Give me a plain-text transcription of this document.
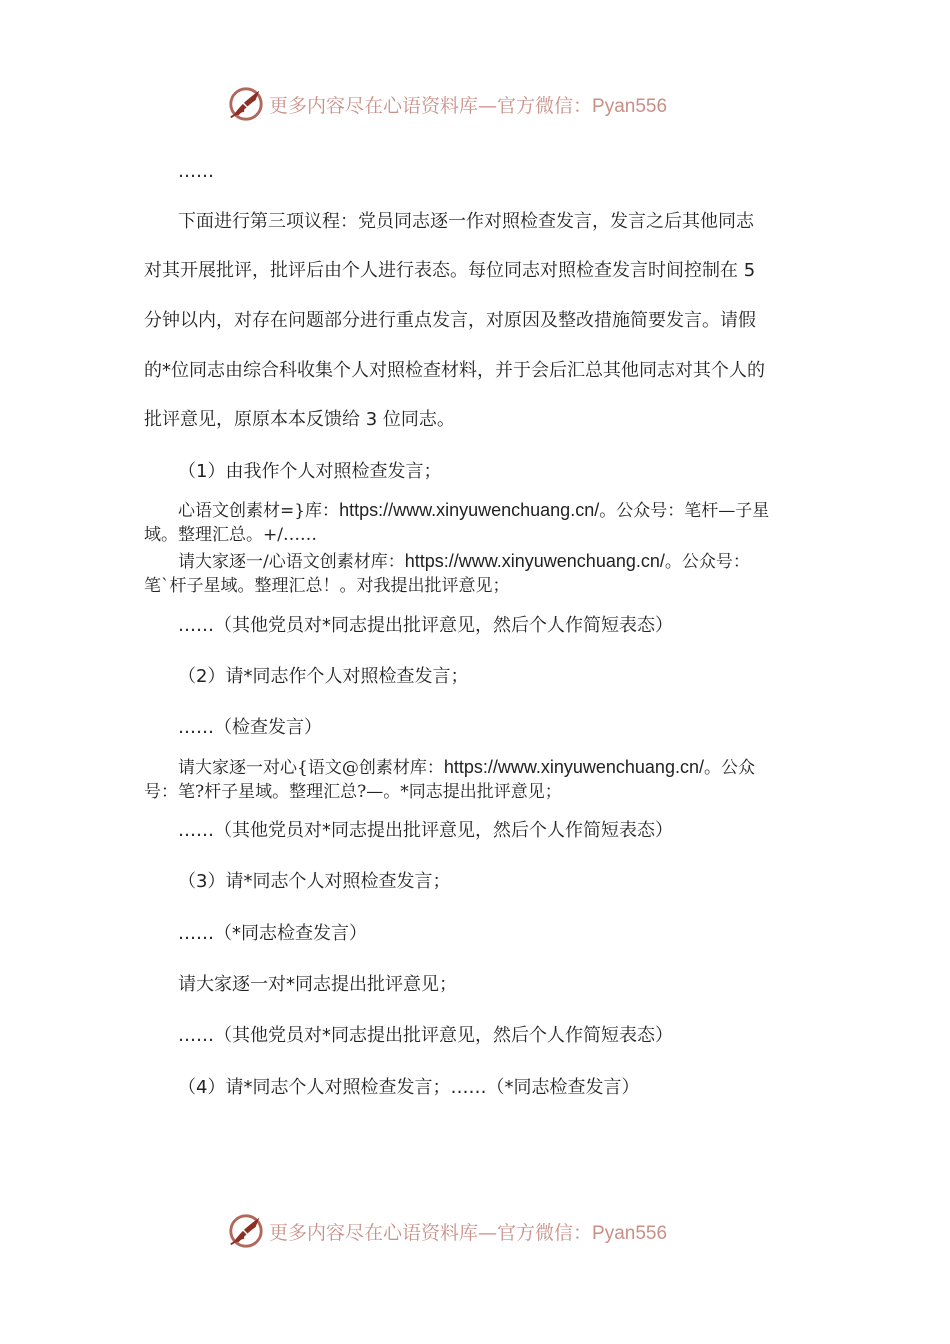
更多内容尽在心语资料库—官方微信：Pyan556
……
下面进行第三项议程：党员同志逐一作对照检查发言，发言之后其他同志
对其开展批评，批评后由个人进行表态。每位同志对照检查发言时间控制在 5
分钟以内，对存在问题部分进行重点发言，对原因及整改措施简要发言。请假
的*位同志由综合科收集个人对照检查材料，并于会后汇总其他同志对其个人的
批评意见，原原本本反馈给 3 位同志。
（1）由我作个人对照检查发言；
心语文创素材=}库：https://www.xinyuwenchuang.cn/。公众号：笔杆—子星
域。整理汇总。+/……
请大家逐一/心语文创素材库：https://www.xinyuwenchuang.cn/。公众号：
笔`杆子星域。整理汇总！。对我提出批评意见；
……（其他党员对*同志提出批评意见，然后个人作简短表态）
（2）请*同志作个人对照检查发言；
……（检查发言）
请大家逐一对心{语文@创素材库：https://www.xinyuwenchuang.cn/。公众
号：笔?杆子星域。整理汇总?—。*同志提出批评意见；
……（其他党员对*同志提出批评意见，然后个人作简短表态）
（3）请*同志个人对照检查发言；
……（*同志检查发言）
请大家逐一对*同志提出批评意见；
……（其他党员对*同志提出批评意见，然后个人作简短表态）
（4）请*同志个人对照检查发言；……（*同志检查发言）
更多内容尽在心语资料库—官方微信：Pyan556
